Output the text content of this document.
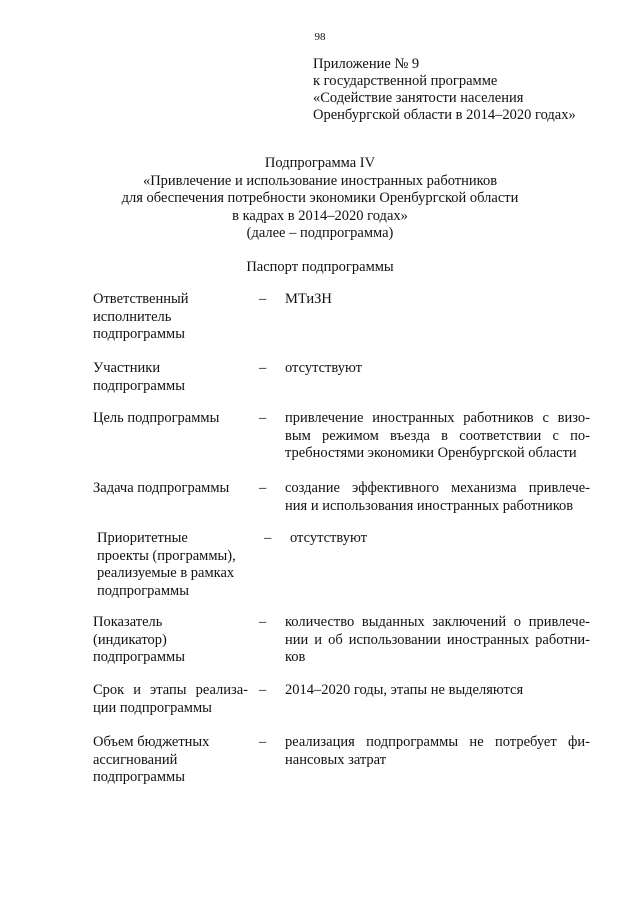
98
Приложение № 9
к государственной программе
«Содействие занятости населения
Оренбургской области в 2014–2020 годах»
Подпрограмма IV
«Привлечение и использование иностранных работников
для обеспечения потребности экономики Оренбургской области
в кадрах в 2014–2020 годах»
(далее – подпрограмма)
Паспорт подпрограммы
Ответственный
исполнитель
подпрограммы
– МТиЗН
Участники
подпрограммы
– отсутствуют
Цель подпрограммы	– привлечение иностранных работников с визо-
вым режимом въезда в соответствии с по-
требностями экономики Оренбургской области
Задача подпрограммы	– создание эффективного механизма привлече-
ния и использования иностранных работников
Приоритетные
проекты (программы),
реализуемые в рамках
подпрограммы
– отсутствуют
Показатель
(индикатор)
подпрограммы
– количество выданных заключений о привлече-
нии и об использовании иностранных работни-
ков
Срок и этапы реализа-
ции подпрограммы
– 2014–2020 годы, этапы не выделяются
Объем бюджетных
ассигнований
подпрограммы
– реализация подпрограммы не потребует фи-
нансовых затрат
